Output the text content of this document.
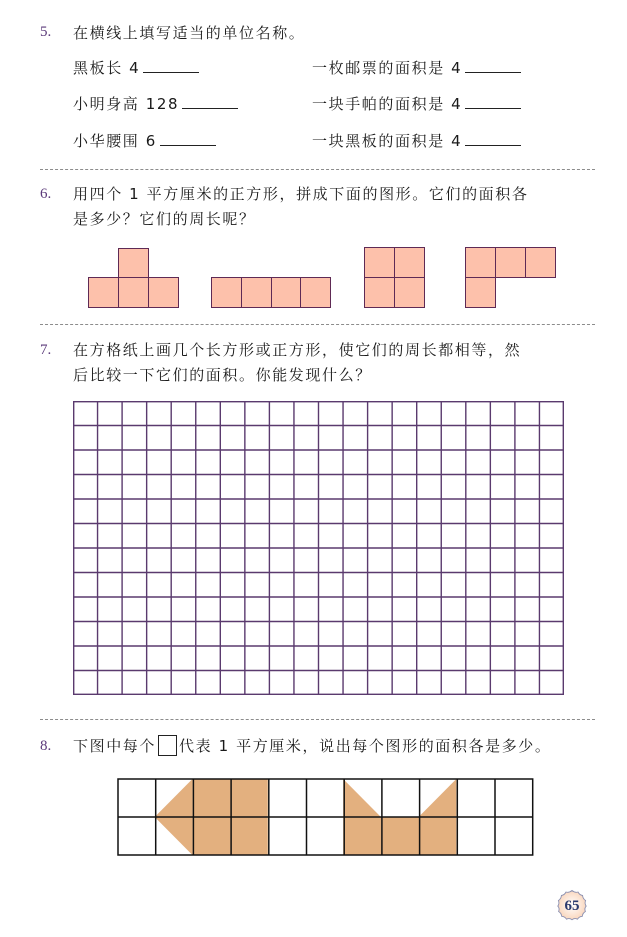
5. 在横线上填写适当的单位名称。
黑板长 4	一枚邮票的面积是 4
小明身高 128	一块手帕的面积是 4
小华腰围 6	一块黑板的面积是 4
6. 用四个 1 平方厘米的正方形，拼成下面的图形。它们的面积各
是多少？它们的周长呢？
7. 在方格纸上画几个长方形或正方形，使它们的周长都相等，然
后比较一下它们的面积。你能发现什么？
8. 下图中每个 代表 1 平方厘米，说出每个图形的面积各是多少。
65
